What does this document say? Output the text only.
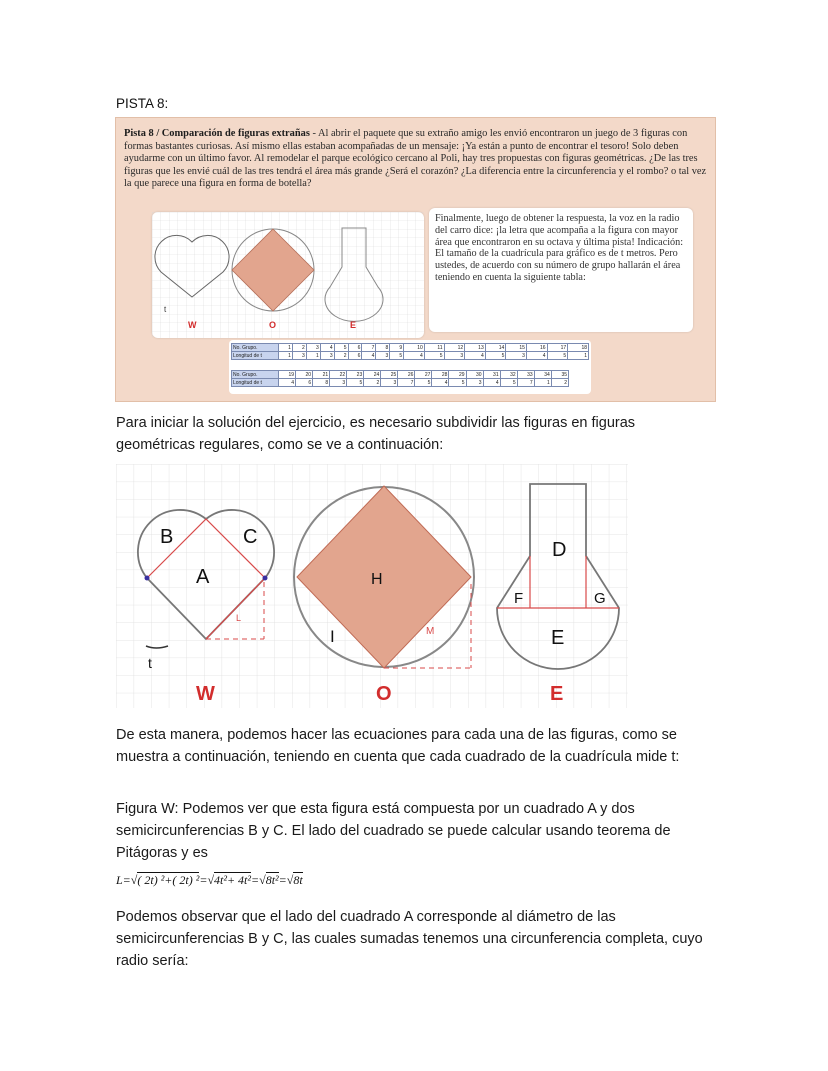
PISTA 8:
Pista 8 / Comparación de figuras extrañas - Al abrir el paquete que su extraño amigo les envió encontraron un juego de 3 figuras con formas bastantes curiosas. Así mismo ellas estaban acompañadas de un mensaje: ¡Ya están a punto de encontrar el tesoro! Solo deben ayudarme con un último favor. Al remodelar el parque ecológico cercano al Poli, hay tres propuestas con figuras geométricas. ¿De las tres figuras que les envié cuál de las tres tendrá el área más grande ¿Será el corazón? ¿La diferencia entre la circunferencia y el rombo? o tal vez la que parece una figura en forma de botella?
t
W	O	E
Finalmente, luego de obtener la respuesta, la voz en la radio del carro dice: ¡la letra que acompaña a la figura con mayor área que encontraron en su octava y última pista! Indicación: El tamaño de la cuadrícula para gráfico es de t metros. Pero ustedes, de acuerdo con su número de grupo hallarán el área teniendo en cuenta la siguiente tabla:
No. Grupo.	1	2	3	4	5	6	7	8	9	10	11	12	13	14	15	16	17	18
Longitud de t	1	3	1	3	2	6	4	3	5	4	5	3	4	5	3	4	5	1
No. Grupo.	19	20	21	22	23	24	25	26	27	28	29	30	31	32	33	34	35
Longitud de t	4	6	8	3	5	2	3	7	5	4	5	3	4	5	7	1	2
Para iniciar la solución del ejercicio, es necesario subdividir las figuras en figuras geométricas regulares, como se ve a continuación:
B	C
A
L
t
W
H
I	M
O
D
F	G
E
E
De esta manera, podemos hacer las ecuaciones para cada una de las figuras, como se muestra a continuación, teniendo en cuenta que cada cuadrado de la cuadrícula mide t:
Figura W: Podemos ver que esta figura está compuesta por un cuadrado A y dos semicircunferencias B y C. El lado del cuadrado se puede calcular usando teorema de Pitágoras y es
L=√( 2t) ²+( 2t) ²=√4t²+ 4t²=√8t²=√8t
Podemos observar que el lado del cuadrado A corresponde al diámetro de las semicircunferencias B y C, las cuales sumadas tenemos una circunferencia completa, cuyo radio sería:
